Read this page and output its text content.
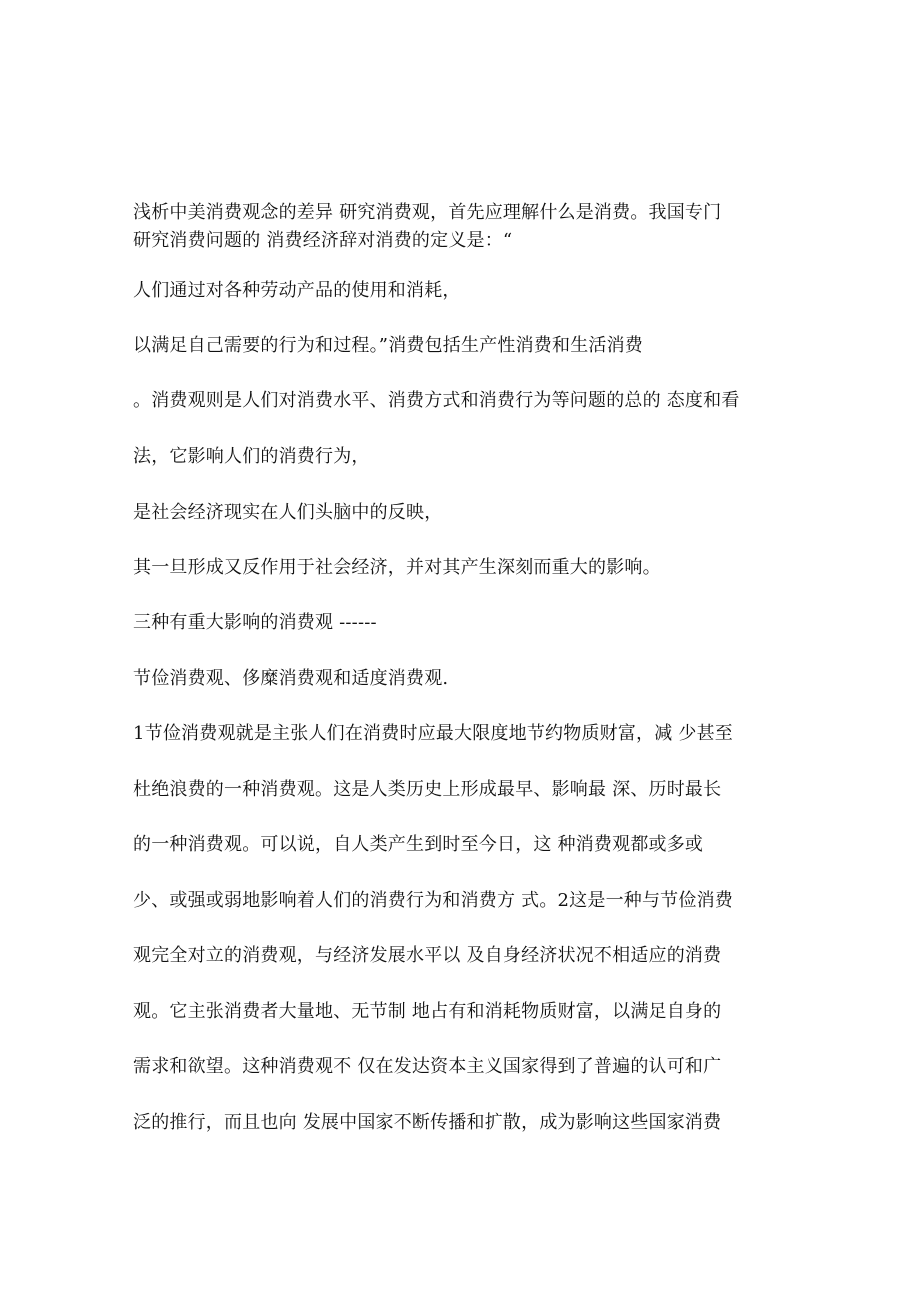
浅析中美消费观念的差异 研究消费观，首先应理解什么是消费。我国专门
研究消费问题的 消费经济辞对消费的定义是：“
人们通过对各种劳动产品的使用和消耗，
以满足自己需要的行为和过程。”消费包括生产性消费和生活消费
。消费观则是人们对消费水平、消费方式和消费行为等问题的总的 态度和看
法，它影响人们的消费行为，
是社会经济现实在人们头脑中的反映，
其一旦形成又反作用于社会经济，并对其产生深刻而重大的影响。
三种有重大影响的消费观 ------
节俭消费观、侈糜消费观和适度消费观.
1节俭消费观就是主张人们在消费时应最大限度地节约物质财富，减 少甚至
杜绝浪费的一种消费观。这是人类历史上形成最早、影响最 深、历时最长
的一种消费观。可以说，自人类产生到时至今日，这 种消费观都或多或
少、或强或弱地影响着人们的消费行为和消费方 式。2这是一种与节俭消费
观完全对立的消费观，与经济发展水平以 及自身经济状况不相适应的消费
观。它主张消费者大量地、无节制 地占有和消耗物质财富，以满足自身的
需求和欲望。这种消费观不 仅在发达资本主义国家得到了普遍的认可和广
泛的推行，而且也向 发展中国家不断传播和扩散，成为影响这些国家消费
